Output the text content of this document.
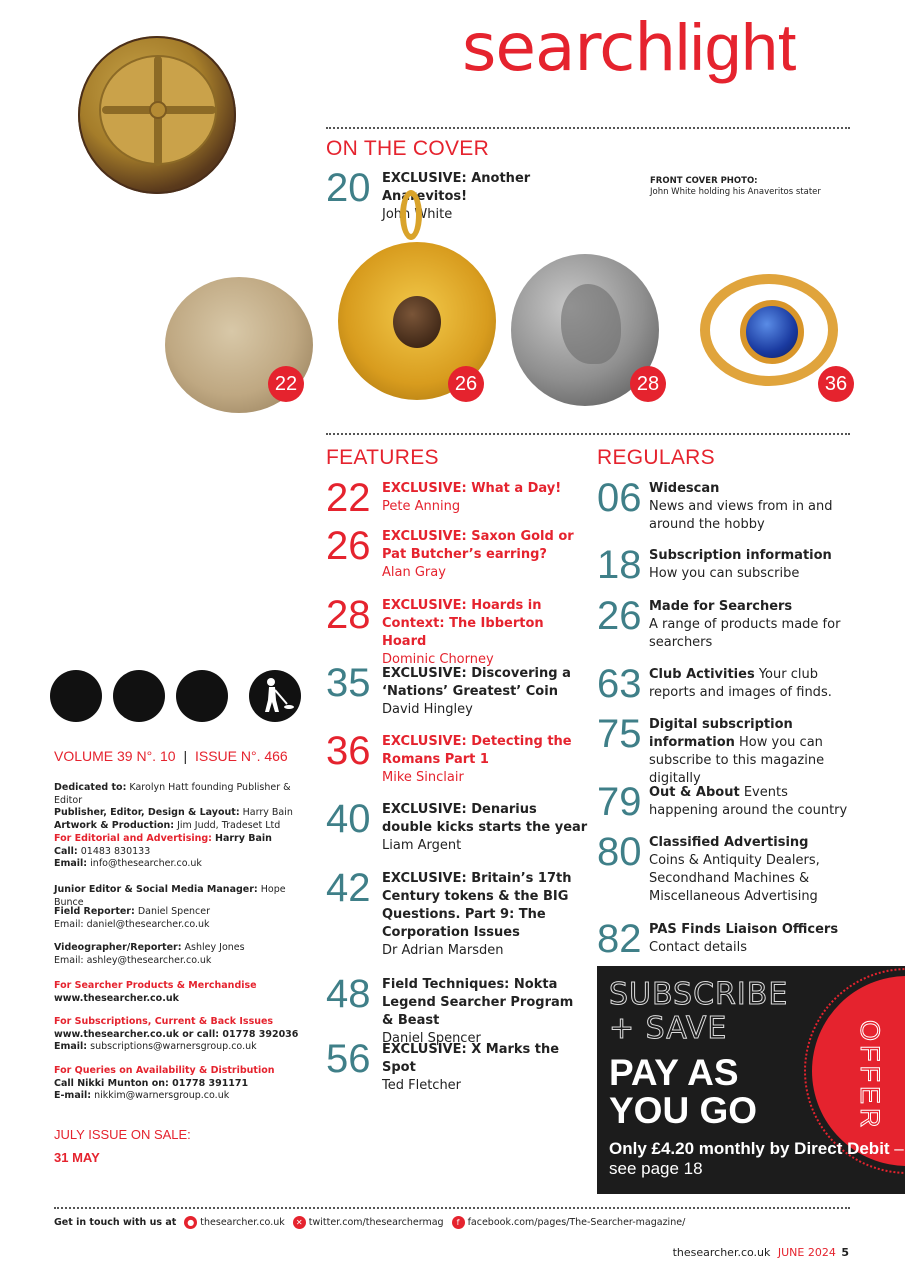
searchlight
ON THE COVER
20 EXCLUSIVE: Another Anarevitos!
John White
FRONT COVER PHOTO:
John White holding his Anaveritos stater
22	26	28	36
FEATURES
22 EXCLUSIVE: What a Day!
Pete Anning
26 EXCLUSIVE: Saxon Gold or Pat Butcher’s earring?
Alan Gray
28 EXCLUSIVE: Hoards in Context: The Ibberton Hoard
Dominic Chorney
35 EXCLUSIVE: Discovering a ‘Nations’ Greatest’ Coin
David Hingley
36 EXCLUSIVE: Detecting the Romans Part 1
Mike Sinclair
40 EXCLUSIVE: Denarius double kicks starts the year
Liam Argent
42 EXCLUSIVE: Britain’s 17th Century tokens & the BIG Questions. Part 9: The Corporation Issues
Dr Adrian Marsden
48 Field Techniques: Nokta Legend Searcher Program & Beast
Daniel Spencer
56 EXCLUSIVE: X Marks the Spot
Ted Fletcher
REGULARS
06 Widescan
News and views from in and around the hobby
18 Subscription information
How you can subscribe
26 Made for Searchers
A range of products made for searchers
63 Club Activities Your club reports and images of finds.
75 Digital subscription information How you can subscribe to this magazine digitally
79 Out & About Events happening around the country
80 Classified Advertising
Coins & Antiquity Dealers, Secondhand Machines & Miscellaneous Advertising
82 PAS Finds Liaison Officers
Contact details
VOLUME 39 N°. 10 | ISSUE N°. 466
Dedicated to: Karolyn Hatt founding Publisher & Editor
Publisher, Editor, Design & Layout: Harry Bain
Artwork & Production: Jim Judd, Tradeset Ltd
For Editorial and Advertising: Harry Bain
Call: 01483 830133
Email: info@thesearcher.co.uk
Junior Editor & Social Media Manager: Hope Bunce
Field Reporter: Daniel Spencer
Email: daniel@thesearcher.co.uk
Videographer/Reporter: Ashley Jones
Email: ashley@thesearcher.co.uk
For Searcher Products & Merchandise
www.thesearcher.co.uk
For Subscriptions, Current & Back Issues
www.thesearcher.co.uk or call: 01778 392036
Email: subscriptions@warnersgroup.co.uk
For Queries on Availability & Distribution
Call Nikki Munton on: 01778 391171
E-mail: nikkim@warnersgroup.co.uk
JULY ISSUE ON SALE:
31 MAY
OFFER
SUBSCRIBE
+ SAVE
PAY AS
YOU GO
Only £4.20 monthly by Direct Debit – see page 18
Get in touch with us at	● thesearcher.co.uk	✕ twitter.com/thesearchermag	f facebook.com/pages/The-Searcher-magazine/
thesearcher.co.uk JUNE 2024 5
